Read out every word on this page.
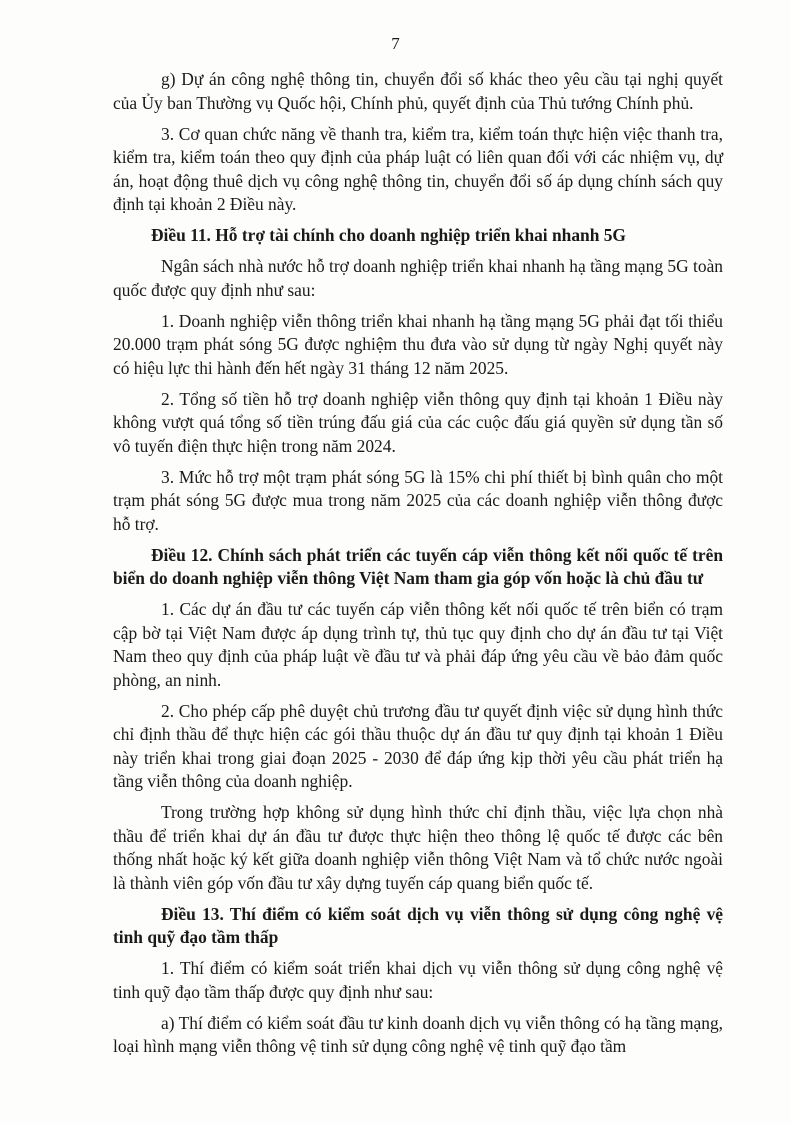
7

g) Dự án công nghệ thông tin, chuyển đổi số khác theo yêu cầu tại nghị quyết của Ủy ban Thường vụ Quốc hội, Chính phủ, quyết định của Thủ tướng Chính phủ.

3. Cơ quan chức năng về thanh tra, kiểm tra, kiểm toán thực hiện việc thanh tra, kiểm tra, kiểm toán theo quy định của pháp luật có liên quan đối với các nhiệm vụ, dự án, hoạt động thuê dịch vụ công nghệ thông tin, chuyển đổi số áp dụng chính sách quy định tại khoản 2 Điều này.

Điều 11. Hỗ trợ tài chính cho doanh nghiệp triển khai nhanh 5G

Ngân sách nhà nước hỗ trợ doanh nghiệp triển khai nhanh hạ tầng mạng 5G toàn quốc được quy định như sau:

1. Doanh nghiệp viễn thông triển khai nhanh hạ tầng mạng 5G phải đạt tối thiểu 20.000 trạm phát sóng 5G được nghiệm thu đưa vào sử dụng từ ngày Nghị quyết này có hiệu lực thi hành đến hết ngày 31 tháng 12 năm 2025.

2. Tổng số tiền hỗ trợ doanh nghiệp viễn thông quy định tại khoản 1 Điều này không vượt quá tổng số tiền trúng đấu giá của các cuộc đấu giá quyền sử dụng tần số vô tuyến điện thực hiện trong năm 2024.

3. Mức hỗ trợ một trạm phát sóng 5G là 15% chi phí thiết bị bình quân cho một trạm phát sóng 5G được mua trong năm 2025 của các doanh nghiệp viễn thông được hỗ trợ.

Điều 12. Chính sách phát triển các tuyến cáp viễn thông kết nối quốc tế trên biển do doanh nghiệp viễn thông Việt Nam tham gia góp vốn hoặc là chủ đầu tư

1. Các dự án đầu tư các tuyến cáp viễn thông kết nối quốc tế trên biển có trạm cập bờ tại Việt Nam được áp dụng trình tự, thủ tục quy định cho dự án đầu tư tại Việt Nam theo quy định của pháp luật về đầu tư và phải đáp ứng yêu cầu về bảo đảm quốc phòng, an ninh.

2. Cho phép cấp phê duyệt chủ trương đầu tư quyết định việc sử dụng hình thức chỉ định thầu để thực hiện các gói thầu thuộc dự án đầu tư quy định tại khoản 1 Điều này triển khai trong giai đoạn 2025 - 2030 để đáp ứng kịp thời yêu cầu phát triển hạ tầng viễn thông của doanh nghiệp.

Trong trường hợp không sử dụng hình thức chỉ định thầu, việc lựa chọn nhà thầu để triển khai dự án đầu tư được thực hiện theo thông lệ quốc tế được các bên thống nhất hoặc ký kết giữa doanh nghiệp viễn thông Việt Nam và tổ chức nước ngoài là thành viên góp vốn đầu tư xây dựng tuyến cáp quang biển quốc tế.

Điều 13. Thí điểm có kiểm soát dịch vụ viễn thông sử dụng công nghệ vệ tinh quỹ đạo tầm thấp

1. Thí điểm có kiểm soát triển khai dịch vụ viễn thông sử dụng công nghệ vệ tinh quỹ đạo tầm thấp được quy định như sau:

a) Thí điểm có kiểm soát đầu tư kinh doanh dịch vụ viễn thông có hạ tầng mạng, loại hình mạng viễn thông vệ tinh sử dụng công nghệ vệ tinh quỹ đạo tầm
